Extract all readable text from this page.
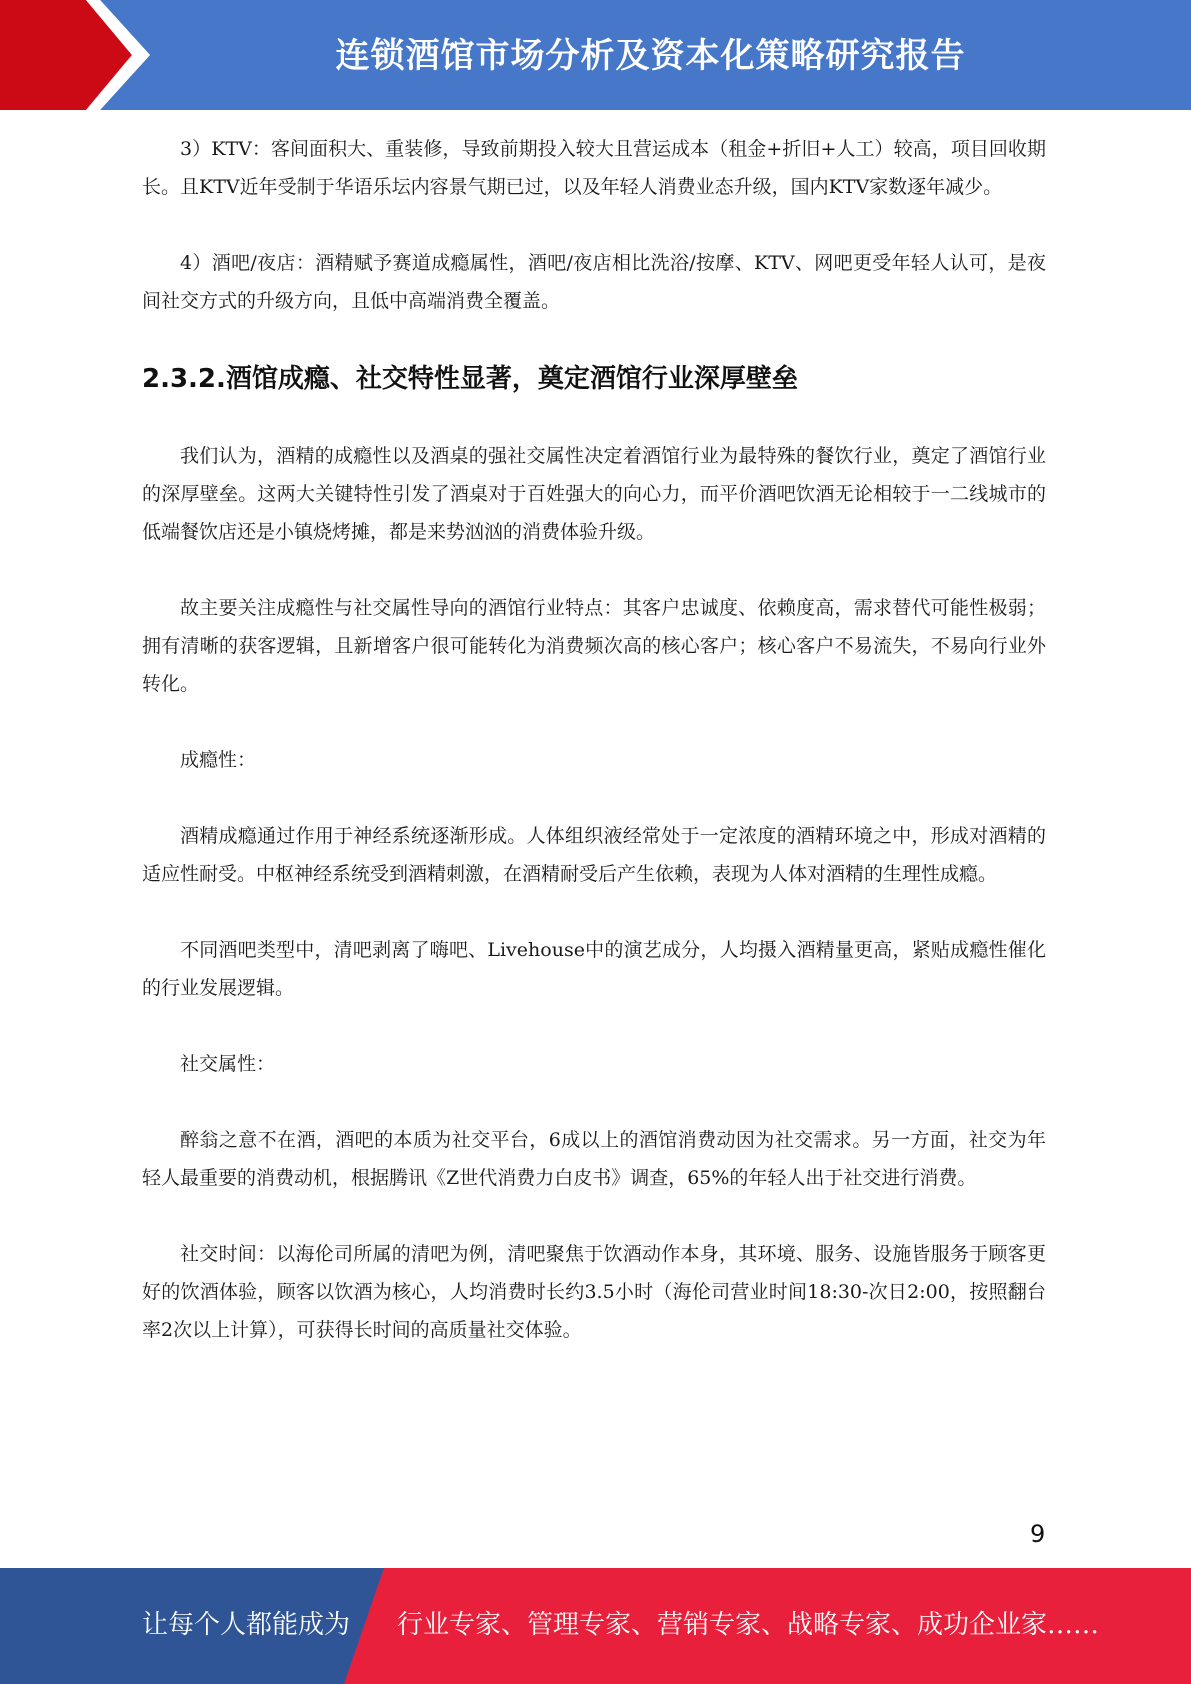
连锁酒馆市场分析及资本化策略研究报告

3）KTV：客间面积大、重装修，导致前期投入较大且营运成本（租金+折旧+人工）较高，项目回收期长。且KTV近年受制于华语乐坛内容景气期已过，以及年轻人消费业态升级，国内KTV家数逐年减少。

4）酒吧/夜店：酒精赋予赛道成瘾属性，酒吧/夜店相比洗浴/按摩、KTV、网吧更受年轻人认可，是夜间社交方式的升级方向，且低中高端消费全覆盖。

2.3.2.酒馆成瘾、社交特性显著，奠定酒馆行业深厚壁垒

我们认为，酒精的成瘾性以及酒桌的强社交属性决定着酒馆行业为最特殊的餐饮行业，奠定了酒馆行业的深厚壁垒。这两大关键特性引发了酒桌对于百姓强大的向心力，而平价酒吧饮酒无论相较于一二线城市的低端餐饮店还是小镇烧烤摊，都是来势汹汹的消费体验升级。

故主要关注成瘾性与社交属性导向的酒馆行业特点：其客户忠诚度、依赖度高，需求替代可能性极弱；拥有清晰的获客逻辑，且新增客户很可能转化为消费频次高的核心客户；核心客户不易流失，不易向行业外转化。

成瘾性：

酒精成瘾通过作用于神经系统逐渐形成。人体组织液经常处于一定浓度的酒精环境之中，形成对酒精的适应性耐受。中枢神经系统受到酒精刺激，在酒精耐受后产生依赖，表现为人体对酒精的生理性成瘾。

不同酒吧类型中，清吧剥离了嗨吧、Livehouse中的演艺成分，人均摄入酒精量更高，紧贴成瘾性催化的行业发展逻辑。

社交属性：

醉翁之意不在酒，酒吧的本质为社交平台，6成以上的酒馆消费动因为社交需求。另一方面，社交为年轻人最重要的消费动机，根据腾讯《Z世代消费力白皮书》调查，65%的年轻人出于社交进行消费。

社交时间：以海伦司所属的清吧为例，清吧聚焦于饮酒动作本身，其环境、服务、设施皆服务于顾客更好的饮酒体验，顾客以饮酒为核心，人均消费时长约3.5小时（海伦司营业时间18:30-次日2:00，按照翻台率2次以上计算），可获得长时间的高质量社交体验。

9
让每个人都能成为 行业专家、管理专家、营销专家、战略专家、成功企业家……
